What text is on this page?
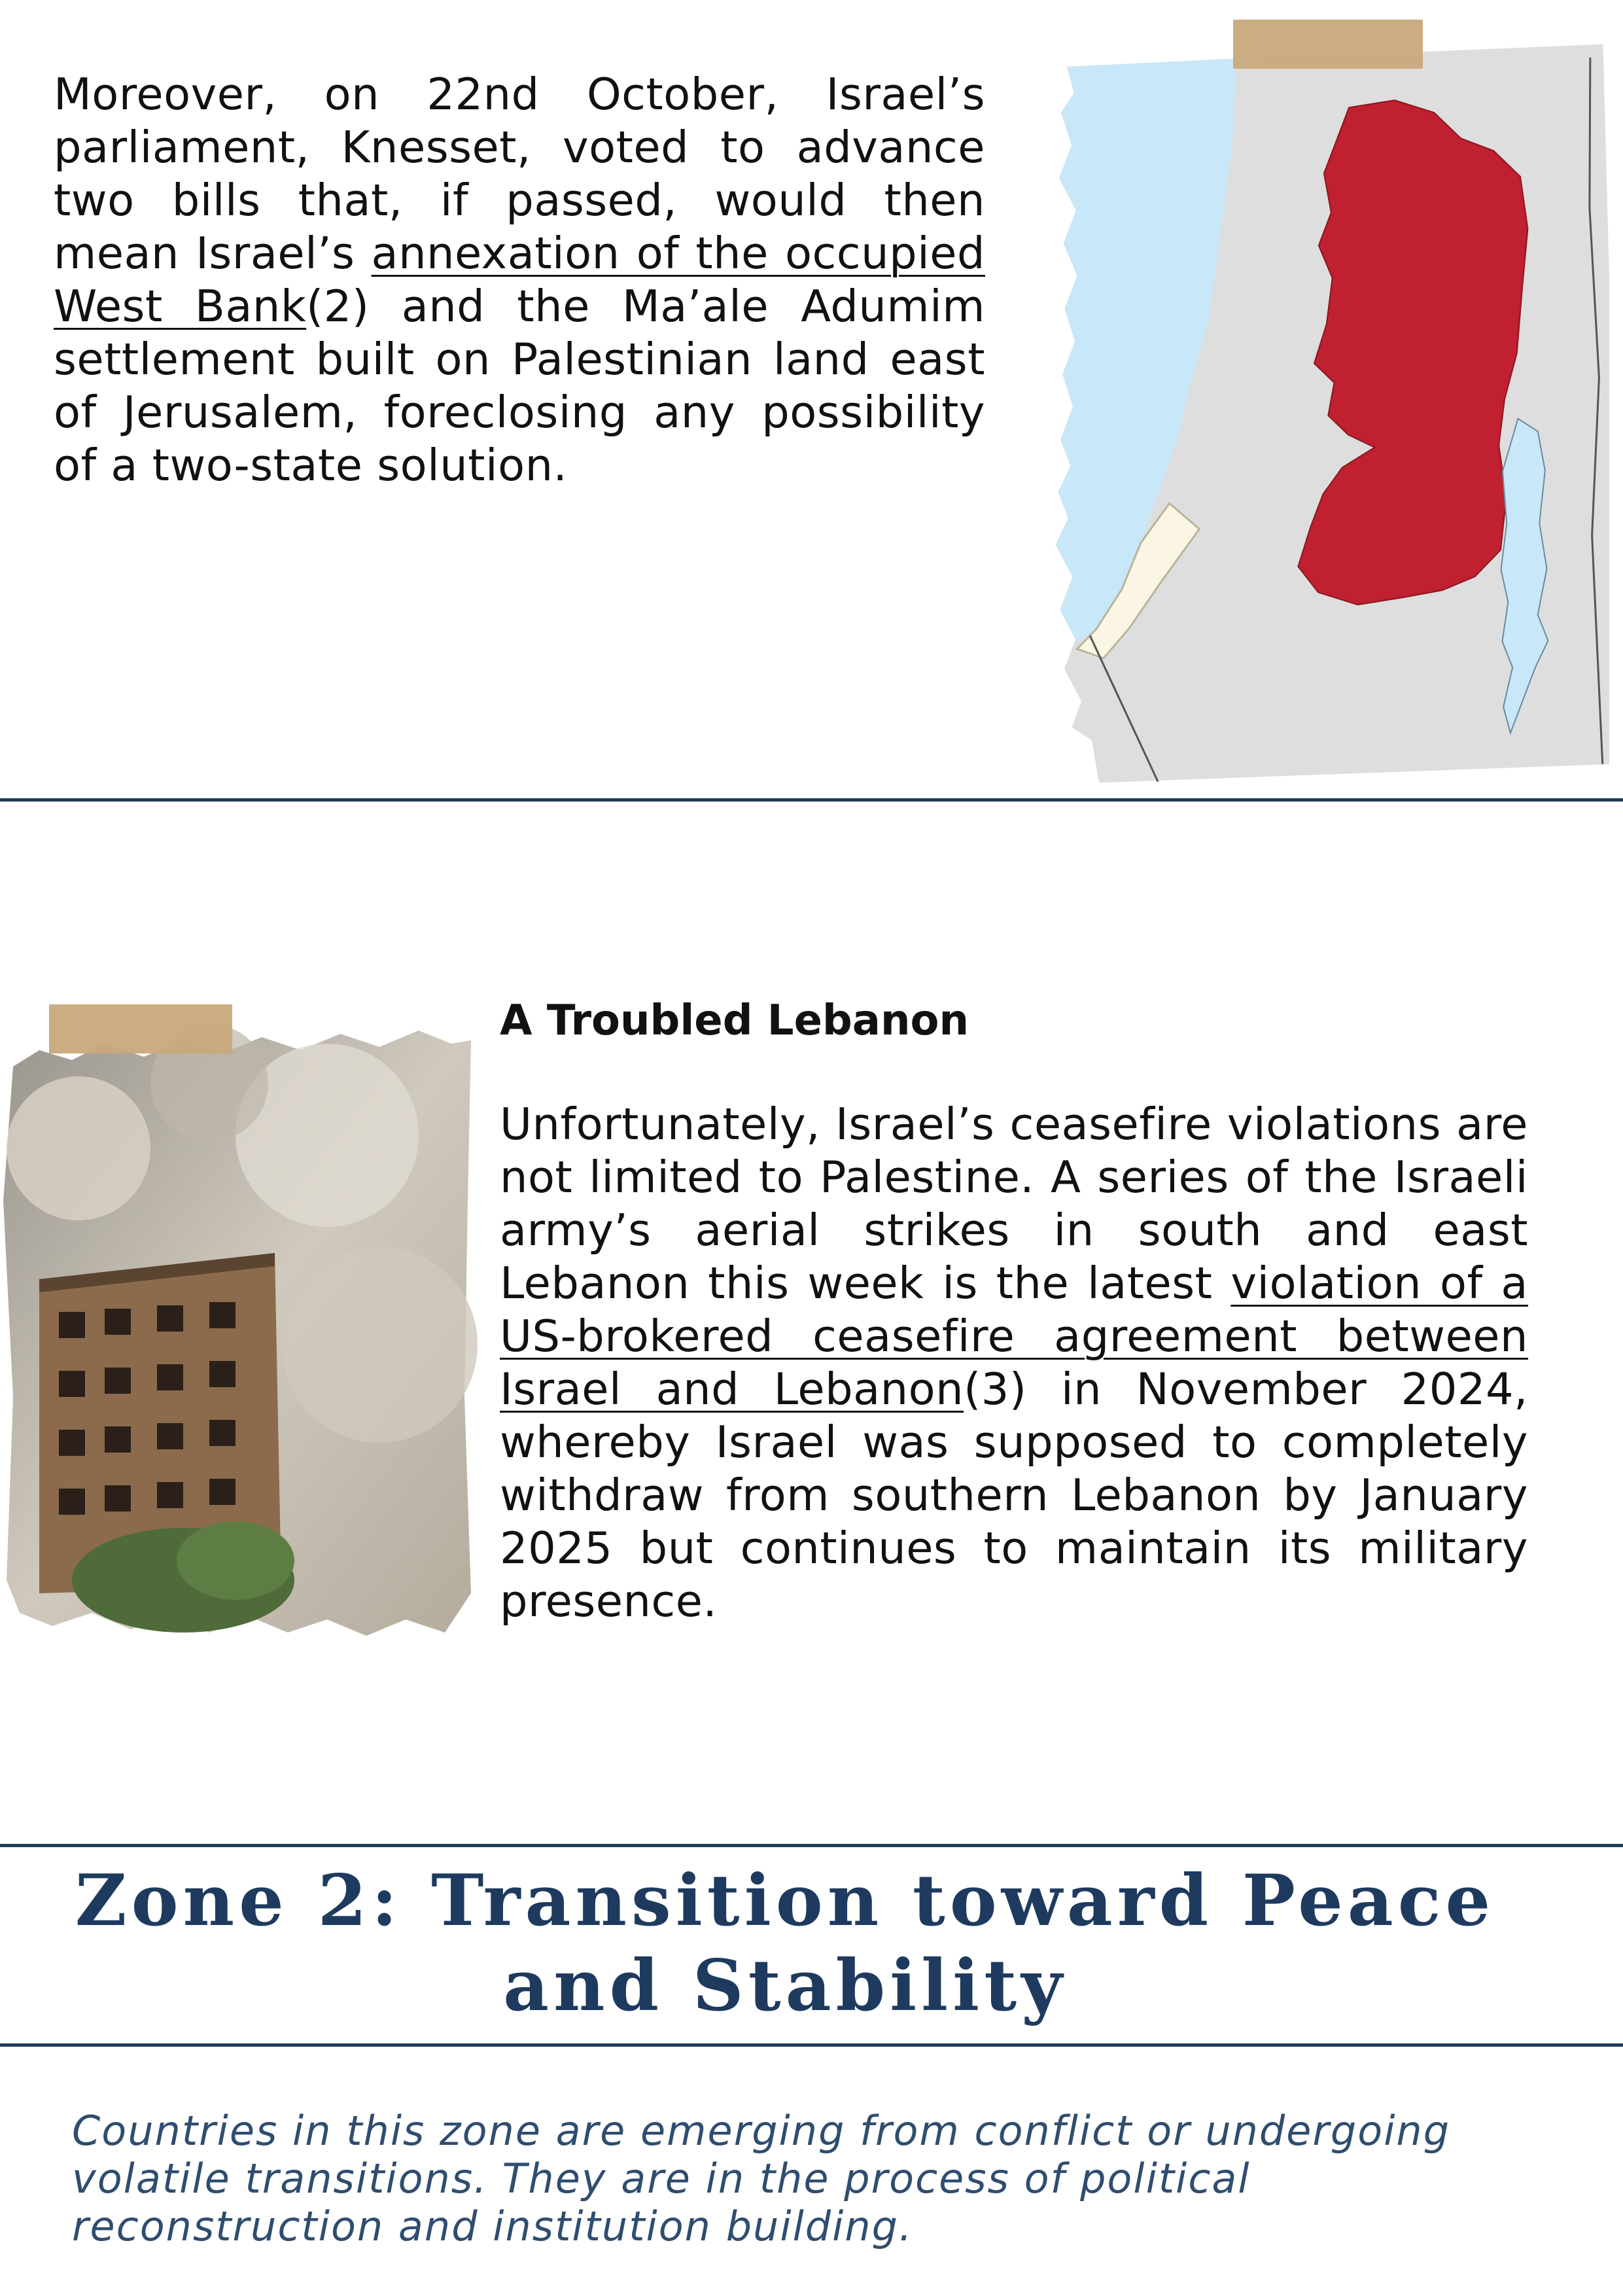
Moreover, on 22nd October, Israel’s parliament, Knesset, voted to advance two bills that, if passed, would then mean Israel’s annexation of the occupied West Bank(2) and the Ma’ale Adumim settlement built on Palestinian land east of Jerusalem, foreclosing any possibility of a two-state solution.

A Troubled Lebanon

Unfortunately, Israel’s ceasefire violations are not limited to Palestine. A series of the Israeli army’s aerial strikes in south and east Lebanon this week is the latest violation of a US-brokered ceasefire agreement between Israel and Lebanon(3) in November 2024, whereby Israel was supposed to completely withdraw from southern Lebanon by January 2025 but continues to maintain its military presence.

Zone 2: Transition toward Peace and Stability

Countries in this zone are emerging from conflict or undergoing volatile transitions. They are in the process of political reconstruction and institution building.
